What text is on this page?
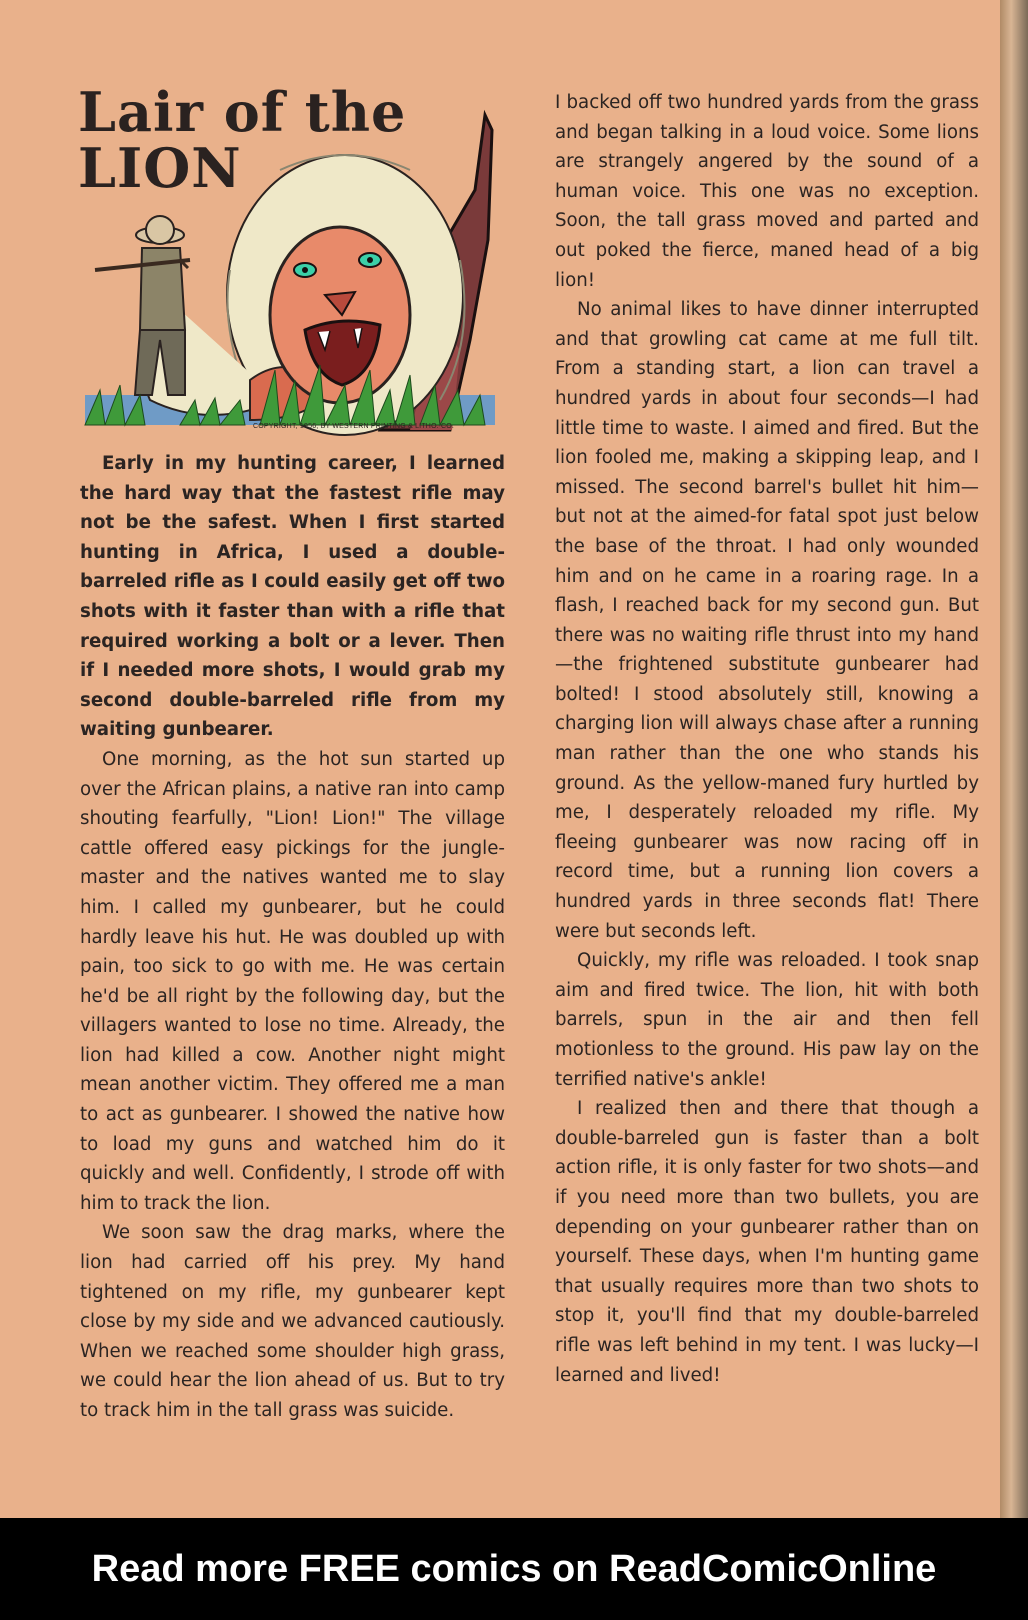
Lair of the
LION
COPYRIGHT, 1956, BY WESTERN PRINTING & LITHO. CO.

Early in my hunting career, I learned the hard way that the fastest rifle may not be the safest. When I first started hunting in Africa, I used a double-barreled rifle as I could easily get off two shots with it faster than with a rifle that required working a bolt or a lever. Then if I needed more shots, I would grab my second double-barreled rifle from my waiting gunbearer.

One morning, as the hot sun started up over the African plains, a native ran into camp shouting fearfully, "Lion! Lion!" The village cattle offered easy pickings for the jungle-master and the natives wanted me to slay him. I called my gunbearer, but he could hardly leave his hut. He was doubled up with pain, too sick to go with me. He was certain he'd be all right by the following day, but the villagers wanted to lose no time. Already, the lion had killed a cow. Another night might mean another victim. They offered me a man to act as gunbearer. I showed the native how to load my guns and watched him do it quickly and well. Confidently, I strode off with him to track the lion.

We soon saw the drag marks, where the lion had carried off his prey. My hand tightened on my rifle, my gunbearer kept close by my side and we advanced cautiously. When we reached some shoulder high grass, we could hear the lion ahead of us. But to try to track him in the tall grass was suicide.

I backed off two hundred yards from the grass and began talking in a loud voice. Some lions are strangely angered by the sound of a human voice. This one was no exception. Soon, the tall grass moved and parted and out poked the fierce, maned head of a big lion!

No animal likes to have dinner interrupted and that growling cat came at me full tilt. From a standing start, a lion can travel a hundred yards in about four seconds—I had little time to waste. I aimed and fired. But the lion fooled me, making a skipping leap, and I missed. The second barrel's bullet hit him—but not at the aimed-for fatal spot just below the base of the throat. I had only wounded him and on he came in a roaring rage. In a flash, I reached back for my second gun. But there was no waiting rifle thrust into my hand—the frightened substitute gunbearer had bolted! I stood absolutely still, knowing a charging lion will always chase after a running man rather than the one who stands his ground. As the yellow-maned fury hurtled by me, I desperately reloaded my rifle. My fleeing gunbearer was now racing off in record time, but a running lion covers a hundred yards in three seconds flat! There were but seconds left.

Quickly, my rifle was reloaded. I took snap aim and fired twice. The lion, hit with both barrels, spun in the air and then fell motionless to the ground. His paw lay on the terrified native's ankle!

I realized then and there that though a double-barreled gun is faster than a bolt action rifle, it is only faster for two shots—and if you need more than two bullets, you are depending on your gunbearer rather than on yourself. These days, when I'm hunting game that usually requires more than two shots to stop it, you'll find that my double-barreled rifle was left behind in my tent. I was lucky—I learned and lived!

Read more FREE comics on ReadComicOnline
